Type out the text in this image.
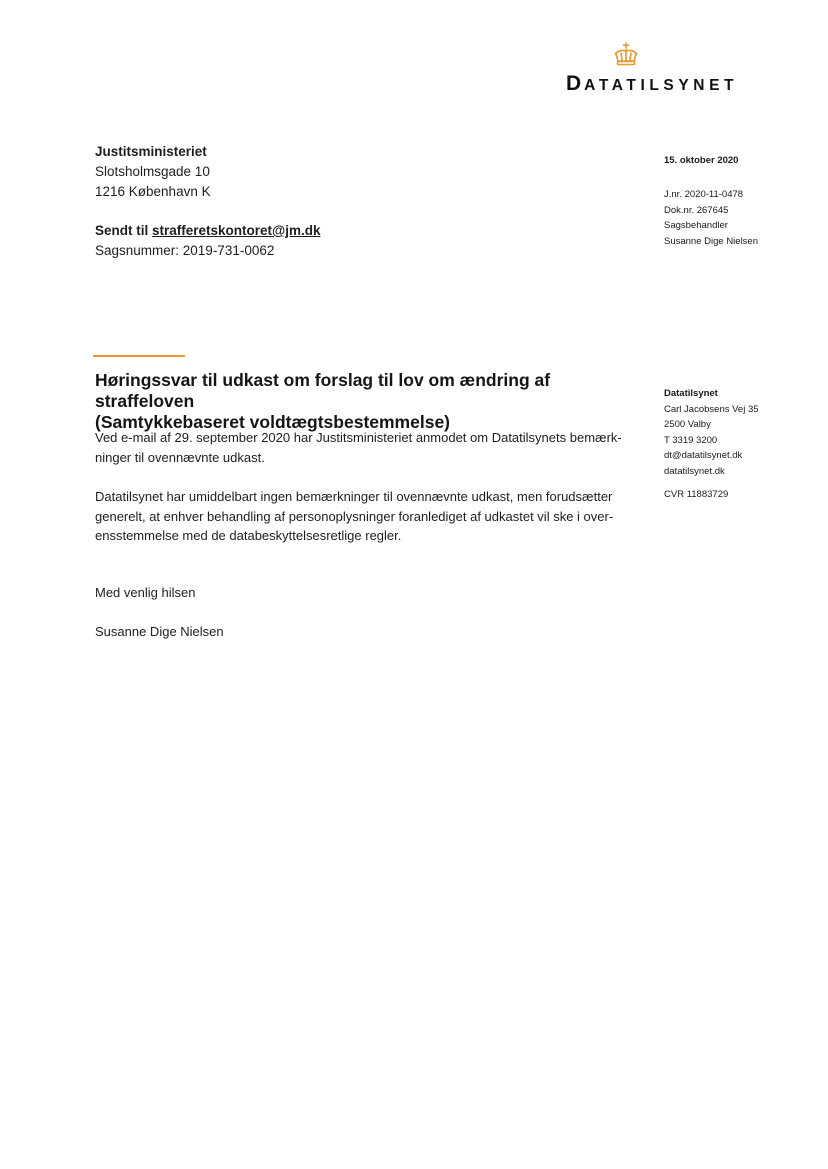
DATATILSYNET
Justitsministeriet
Slotsholmsgade 10
1216 København K
Sendt til strafferetskontoret@jm.dk
Sagsnummer: 2019-731-0062
15. oktober 2020
J.nr. 2020-11-0478
Dok.nr. 267645
Sagsbehandler
Susanne Dige Nielsen
Høringssvar til udkast om forslag til lov om ændring af straffeloven
(Samtykkebaseret voldtægtsbestemmelse)
Datatilsynet
Carl Jacobsens Vej 35
2500 Valby
T 3319 3200
dt@datatilsynet.dk
datatilsynet.dk
CVR 11883729
Ved e-mail af 29. september 2020 har Justitsministeriet anmodet om Datatilsynets bemærk-ninger til ovennævnte udkast.
Datatilsynet har umiddelbart ingen bemærkninger til ovennævnte udkast, men forudsætter generelt, at enhver behandling af personoplysninger foranlediget af udkastet vil ske i over-ensstemmelse med de databeskyttelsesretlige regler.
Med venlig hilsen
Susanne Dige Nielsen
